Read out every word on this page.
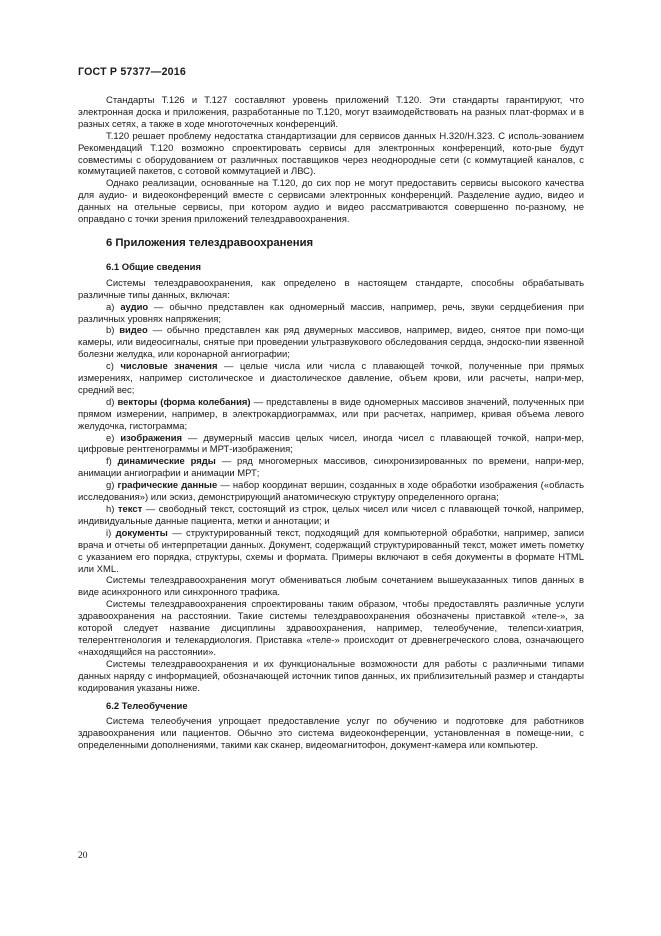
ГОСТ Р 57377—2016

Стандарты Т.126 и Т.127 составляют уровень приложений Т.120. Эти стандарты гарантируют, что электронная доска и приложения, разработанные по Т.120, могут взаимодействовать на разных плат-формах и в разных сетях, а также в ходе многоточечных конференций.

Т.120 решает проблему недостатка стандартизации для сервисов данных Н.320/Н.323. С исполь-зованием Рекомендаций Т.120 возможно спроектировать сервисы для электронных конференций, кото-рые будут совместимы с оборудованием от различных поставщиков через неоднородные сети (с коммутацией каналов, с коммутацией пакетов, с сотовой коммутацией и ЛВС).

Однако реализации, основанные на Т.120, до сих пор не могут предоставить сервисы высокого качества для аудио- и видеоконференций вместе с сервисами электронных конференций. Разделение аудио, видео и данных на отельные сервисы, при котором аудио и видео рассматриваются совершенно по-разному, не оправдано с точки зрения приложений телездравоохранения.

6 Приложения телездравоохранения

6.1 Общие сведения

Системы телездравоохранения, как определено в настоящем стандарте, способны обрабатывать различные типы данных, включая:

a) аудио — обычно представлен как одномерный массив, например, речь, звуки сердцебиения при различных уровнях напряжения;

b) видео — обычно представлен как ряд двумерных массивов, например, видео, снятое при помо-щи камеры, или видеосигналы, снятые при проведении ультразвукового обследования сердца, эндоско-пии язвенной болезни желудка, или коронарной ангиографии;

c) числовые значения — целые числа или числа с плавающей точкой, полученные при прямых измерениях, например систолическое и диастолическое давление, объем крови, или расчеты, напри-мер, средний вес;

d) векторы (форма колебания) — представлены в виде одномерных массивов значений, полученных при прямом измерении, например, в электрокардиограммах, или при расчетах, например, кривая объема левого желудочка, гистограмма;

e) изображения — двумерный массив целых чисел, иногда чисел с плавающей точкой, напри-мер, цифровые рентгенограммы и МРТ-изображения;

f) динамические ряды — ряд многомерных массивов, синхронизированных по времени, напри-мер, анимации ангиографии и анимации МРТ;

g) графические данные — набор координат вершин, созданных в ходе обработки изображения («область исследования») или эскиз, демонстрирующий анатомическую структуру определенного органа;

h) текст — свободный текст, состоящий из строк, целых чисел или чисел с плавающей точкой, например, индивидуальные данные пациента, метки и аннотации; и

i) документы — структурированный текст, подходящий для компьютерной обработки, например, записи врача и отчеты об интерпретации данных. Документ, содержащий структурированный текст, может иметь пометку с указанием его порядка, структуры, схемы и формата. Примеры включают в себя документы в формате HTML или XML.

Системы телездравоохранения могут обмениваться любым сочетанием вышеуказанных типов данных в виде асинхронного или синхронного трафика.

Системы телездравоохранения спроектированы таким образом, чтобы предоставлять различные услуги здравоохранения на расстоянии. Такие системы телездравоохранения обозначены приставкой «теле-», за которой следует название дисциплины здравоохранения, например, телеобучение, телепси-хиатрия, телерентгенология и телекардиология. Приставка «теле-» происходит от древнегреческого слова, означающего «находящийся на расстоянии».

Системы телездравоохранения и их функциональные возможности для работы с различными типами данных наряду с информацией, обозначающей источник типов данных, их приблизительный размер и стандарты кодирования указаны ниже.

6.2 Телеобучение

Система телеобучения упрощает предоставление услуг по обучению и подготовке для работников здравоохранения или пациентов. Обычно это система видеоконференции, установленная в помеще-нии, с определенными дополнениями, такими как сканер, видеомагнитофон, документ-камера или компьютер.

20
